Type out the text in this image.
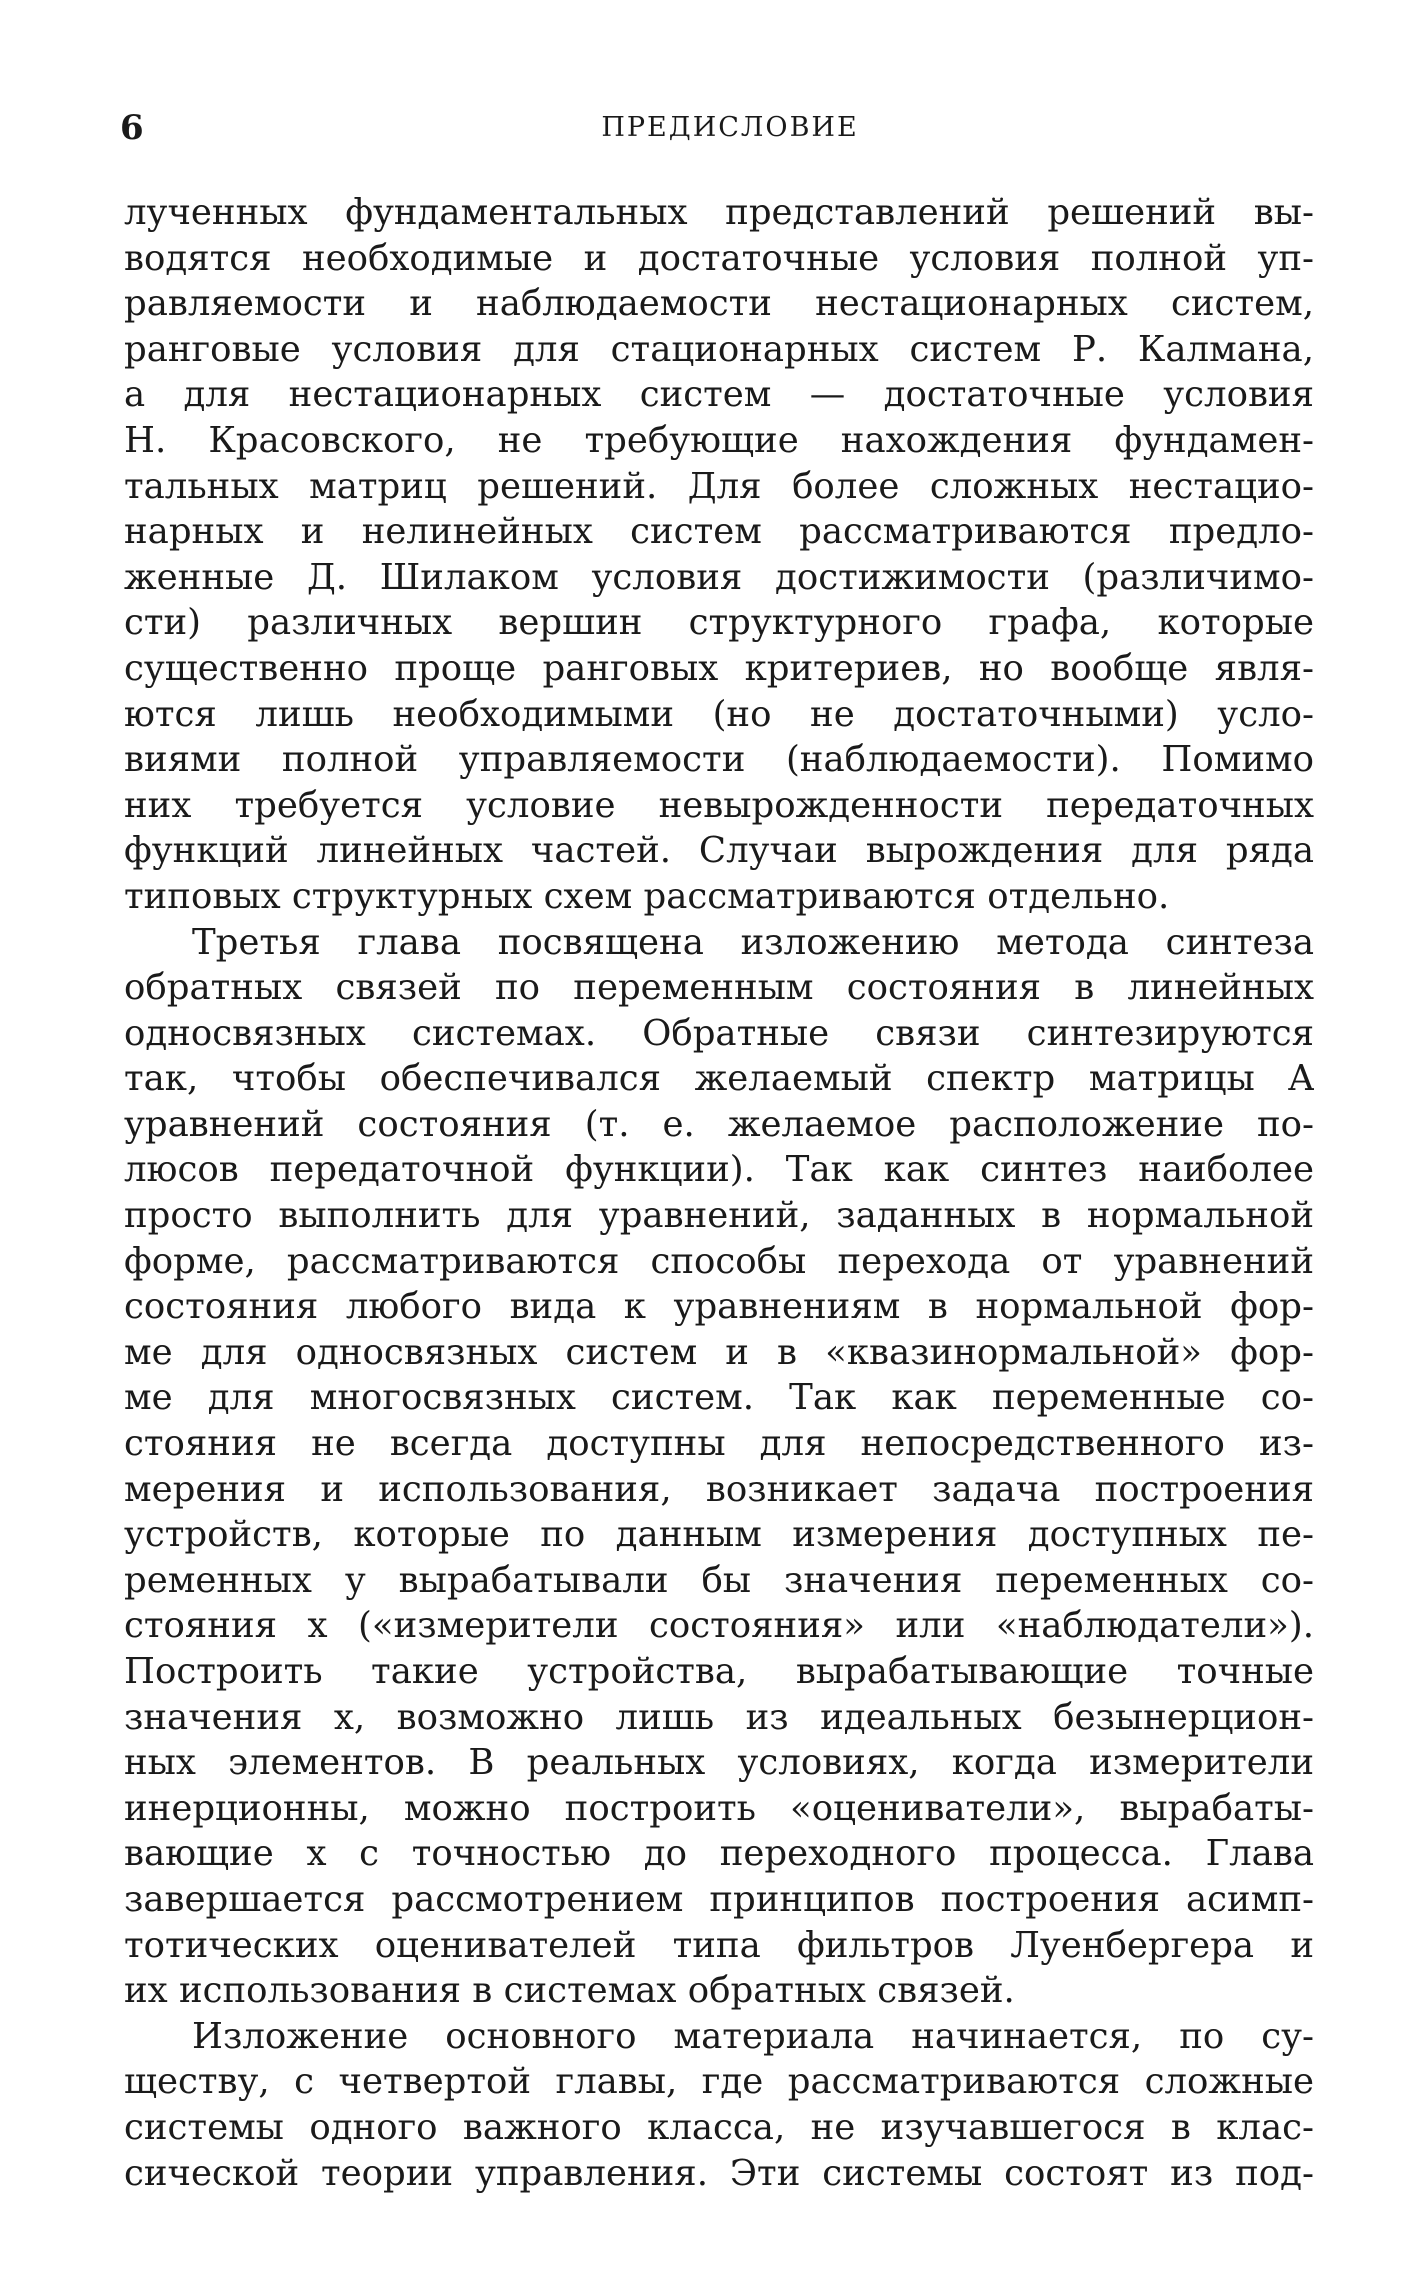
6	ПРЕДИСЛОВИЕ
лученных фундаментальных представлений решений вы-
водятся необходимые и достаточные условия полной уп-
равляемости и наблюдаемости нестационарных систем,
ранговые условия для стационарных систем Р. Калмана,
а для нестационарных систем — достаточные условия
Н. Красовского, не требующие нахождения фундамен-
тальных матриц решений. Для более сложных нестацио-
нарных и нелинейных систем рассматриваются предло-
женные Д. Шилаком условия достижимости (различимо-
сти) различных вершин структурного графа, которые
существенно проще ранговых критериев, но вообще явля-
ются лишь необходимыми (но не достаточными) усло-
виями полной управляемости (наблюдаемости). Помимо
них требуется условие невырожденности передаточных
функций линейных частей. Случаи вырождения для ряда
типовых структурных схем рассматриваются отдельно.
Третья глава посвящена изложению метода синтеза
обратных связей по переменным состояния в линейных
односвязных системах. Обратные связи синтезируются
так, чтобы обеспечивался желаемый спектр матрицы A
уравнений состояния (т. е. желаемое расположение по-
люсов передаточной функции). Так как синтез наиболее
просто выполнить для уравнений, заданных в нормальной
форме, рассматриваются способы перехода от уравнений
состояния любого вида к уравнениям в нормальной фор-
ме для односвязных систем и в «квазинормальной» фор-
ме для многосвязных систем. Так как переменные со-
стояния не всегда доступны для непосредственного из-
мерения и использования, возникает задача построения
устройств, которые по данным измерения доступных пе-
ременных у вырабатывали бы значения переменных со-
стояния x («измерители состояния» или «наблюдатели»).
Построить такие устройства, вырабатывающие точные
значения x, возможно лишь из идеальных безынерцион-
ных элементов. В реальных условиях, когда измерители
инерционны, можно построить «оцениватели», вырабаты-
вающие x с точностью до переходного процесса. Глава
завершается рассмотрением принципов построения асимп-
тотических оценивателей типа фильтров Луенбергера и
их использования в системах обратных связей.
Изложение основного материала начинается, по су-
ществу, с четвертой главы, где рассматриваются сложные
системы одного важного класса, не изучавшегося в клас-
сической теории управления. Эти системы состоят из под-
